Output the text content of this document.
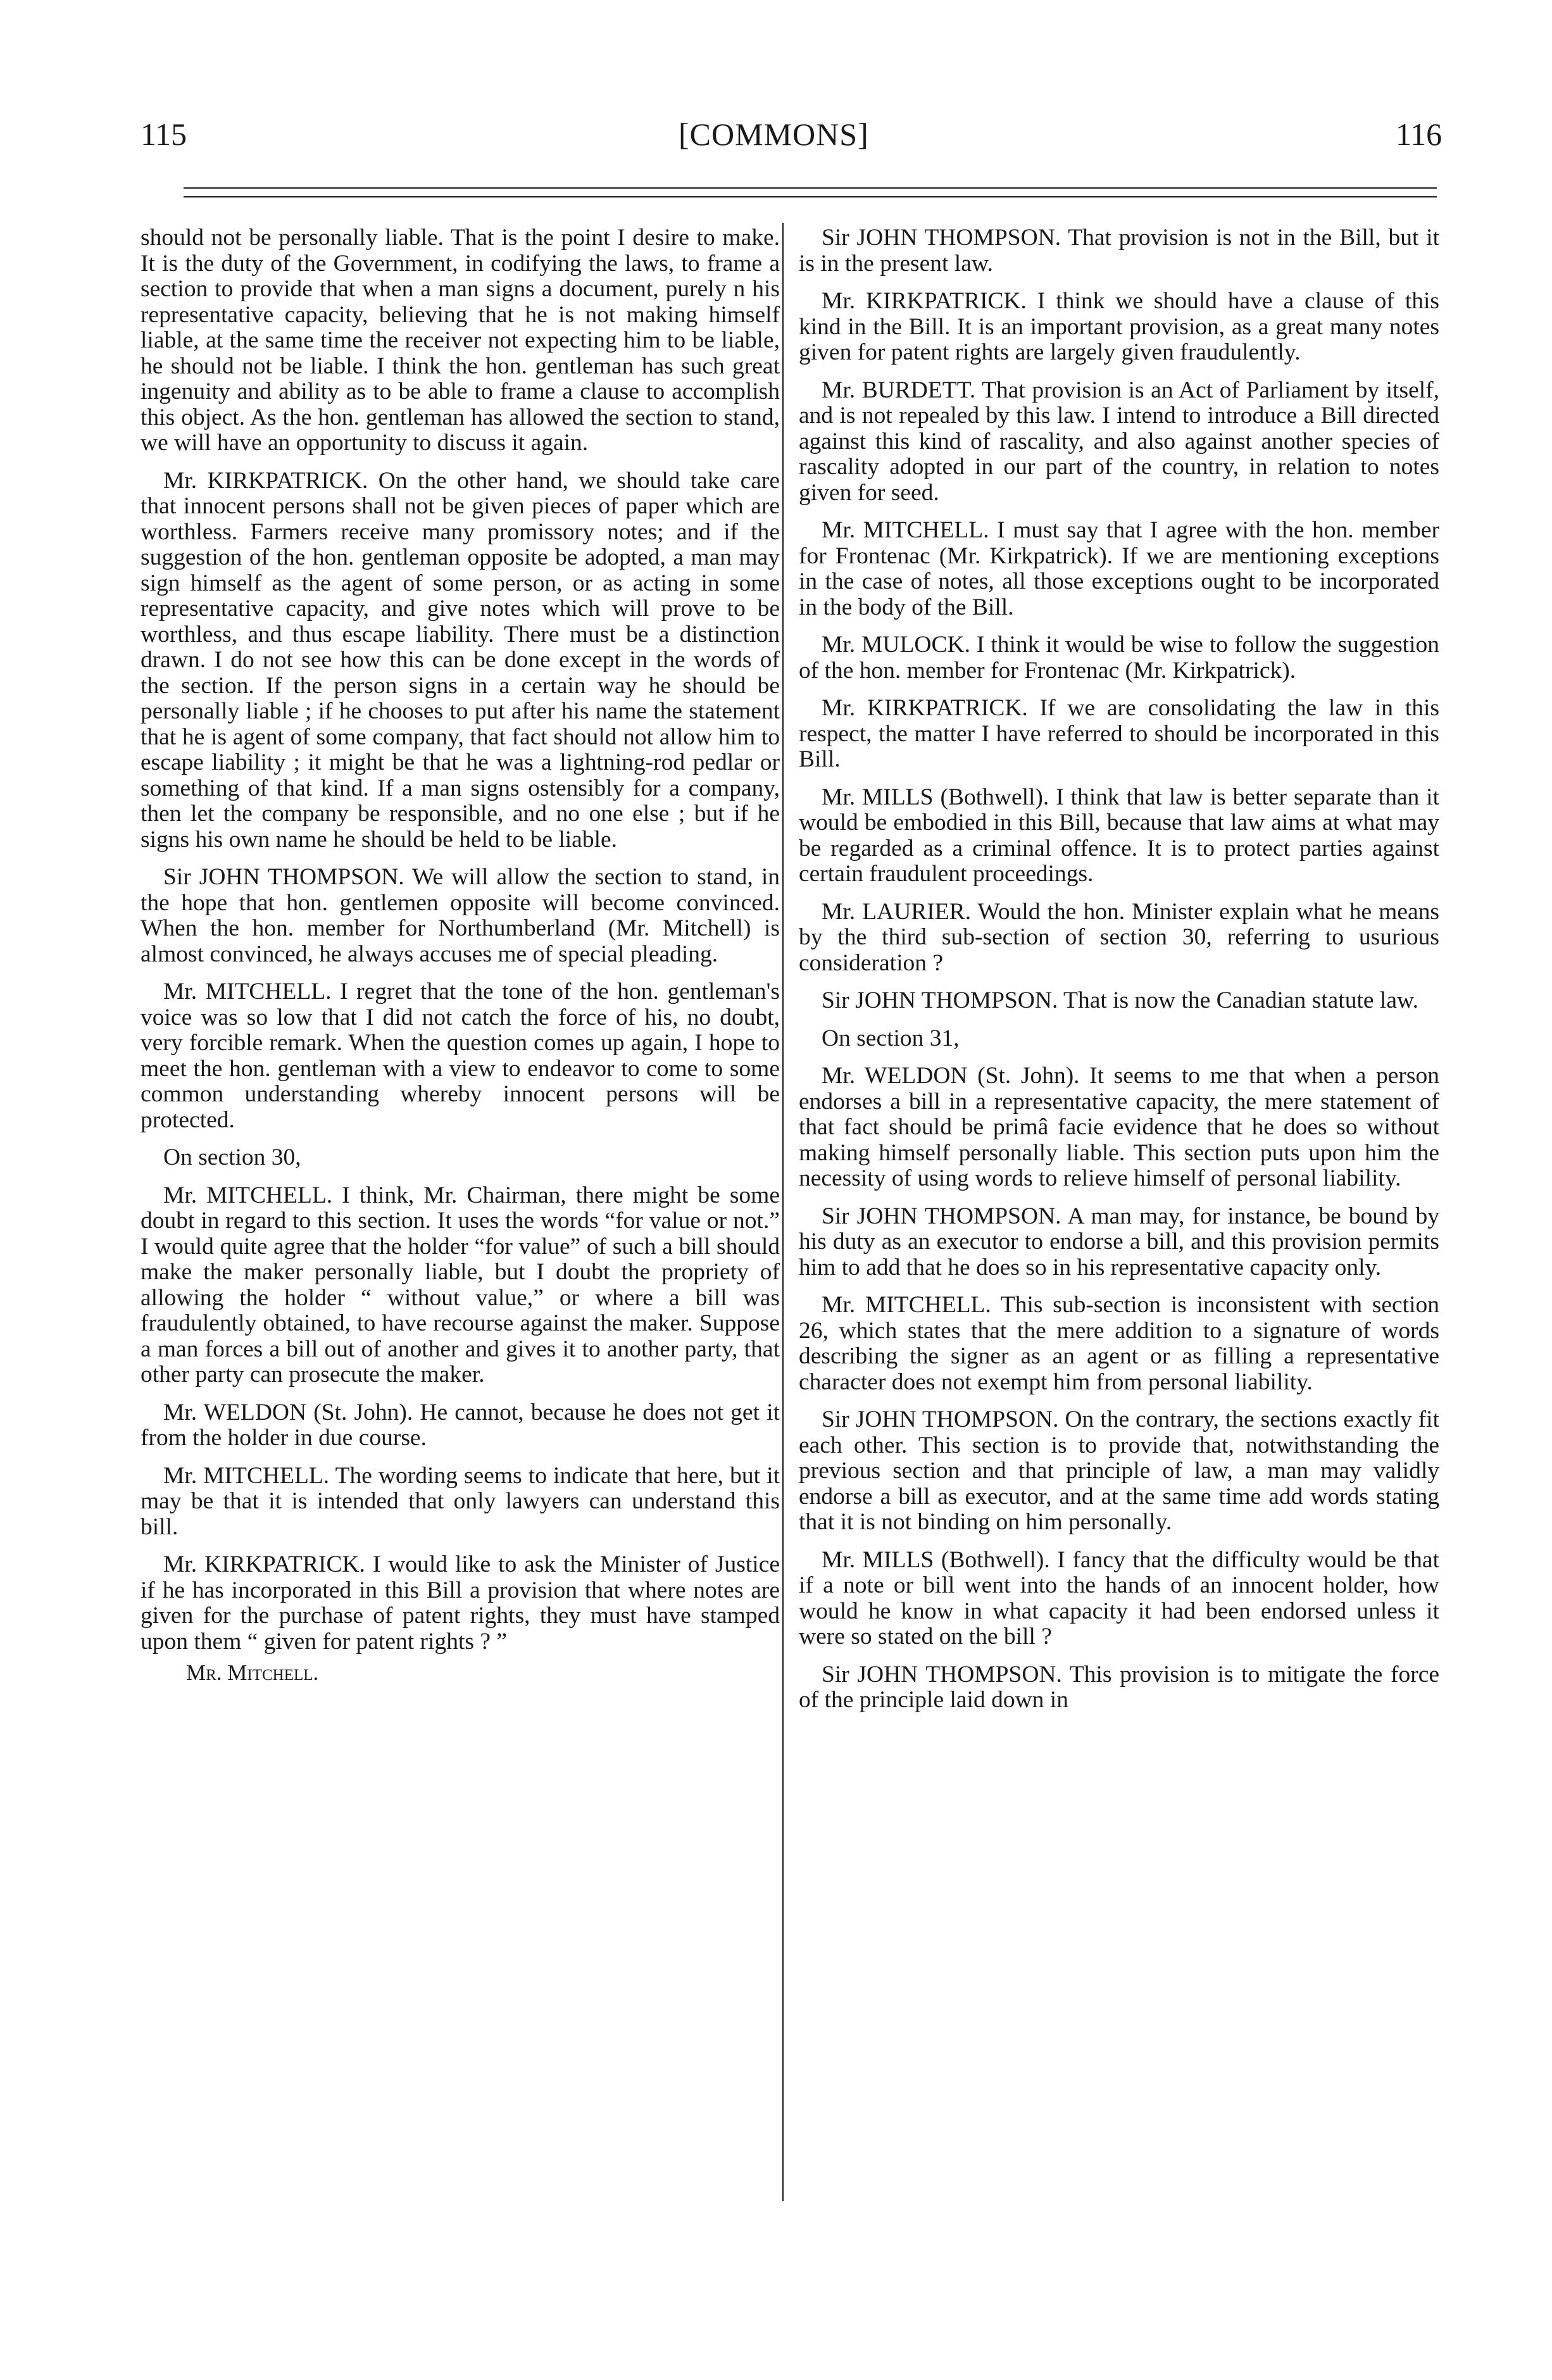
115	[COMMONS]	116

should not be personally liable. That is the point I desire to make. It is the duty of the Government, in codifying the laws, to frame a section to provide that when a man signs a document, purely n his representative capacity, believing that he is not making himself liable, at the same time the receiver not expecting him to be liable, he should not be liable. I think the hon. gentleman has such great ingenuity and ability as to be able to frame a clause to accomplish this object. As the hon. gentleman has allowed the section to stand, we will have an opportunity to discuss it again.

Mr. KIRKPATRICK. On the other hand, we should take care that innocent persons shall not be given pieces of paper which are worthless. Farmers receive many promissory notes; and if the suggestion of the hon. gentleman opposite be adopted, a man may sign himself as the agent of some person, or as acting in some representative capacity, and give notes which will prove to be worthless, and thus escape liability. There must be a distinction drawn. I do not see how this can be done except in the words of the section. If the person signs in a certain way he should be personally liable ; if he chooses to put after his name the statement that he is agent of some company, that fact should not allow him to escape liability ; it might be that he was a lightning-rod pedlar or something of that kind. If a man signs ostensibly for a company, then let the company be responsible, and no one else ; but if he signs his own name he should be held to be liable.

Sir JOHN THOMPSON. We will allow the section to stand, in the hope that hon. gentlemen opposite will become convinced. When the hon. member for Northumberland (Mr. Mitchell) is almost convinced, he always accuses me of special pleading.

Mr. MITCHELL. I regret that the tone of the hon. gentleman's voice was so low that I did not catch the force of his, no doubt, very forcible remark. When the question comes up again, I hope to meet the hon. gentleman with a view to endeavor to come to some common understanding whereby innocent persons will be protected.

On section 30,

Mr. MITCHELL. I think, Mr. Chairman, there might be some doubt in regard to this section. It uses the words “for value or not.” I would quite agree that the holder “for value” of such a bill should make the maker personally liable, but I doubt the propriety of allowing the holder “ without value,” or where a bill was fraudulently obtained, to have recourse against the maker. Suppose a man forces a bill out of another and gives it to another party, that other party can prosecute the maker.

Mr. WELDON (St. John). He cannot, because he does not get it from the holder in due course.

Mr. MITCHELL. The wording seems to indicate that here, but it may be that it is intended that only lawyers can understand this bill.

Mr. KIRKPATRICK. I would like to ask the Minister of Justice if he has incorporated in this Bill a provision that where notes are given for the purchase of patent rights, they must have stamped upon them “ given for patent rights ? ”

Mr. Mitchell.

Sir JOHN THOMPSON. That provision is not in the Bill, but it is in the present law.

Mr. KIRKPATRICK. I think we should have a clause of this kind in the Bill. It is an important provision, as a great many notes given for patent rights are largely given fraudulently.

Mr. BURDETT. That provision is an Act of Parliament by itself, and is not repealed by this law. I intend to introduce a Bill directed against this kind of rascality, and also against another species of rascality adopted in our part of the country, in relation to notes given for seed.

Mr. MITCHELL. I must say that I agree with the hon. member for Frontenac (Mr. Kirkpatrick). If we are mentioning exceptions in the case of notes, all those exceptions ought to be incorporated in the body of the Bill.

Mr. MULOCK. I think it would be wise to follow the suggestion of the hon. member for Frontenac (Mr. Kirkpatrick).

Mr. KIRKPATRICK. If we are consolidating the law in this respect, the matter I have referred to should be incorporated in this Bill.

Mr. MILLS (Bothwell). I think that law is better separate than it would be embodied in this Bill, because that law aims at what may be regarded as a criminal offence. It is to protect parties against certain fraudulent proceedings.

Mr. LAURIER. Would the hon. Minister explain what he means by the third sub-section of section 30, referring to usurious consideration ?

Sir JOHN THOMPSON. That is now the Canadian statute law.

On section 31,

Mr. WELDON (St. John). It seems to me that when a person endorses a bill in a representative capacity, the mere statement of that fact should be primâ facie evidence that he does so without making himself personally liable. This section puts upon him the necessity of using words to relieve himself of personal liability.

Sir JOHN THOMPSON. A man may, for instance, be bound by his duty as an executor to endorse a bill, and this provision permits him to add that he does so in his representative capacity only.

Mr. MITCHELL. This sub-section is inconsistent with section 26, which states that the mere addition to a signature of words describing the signer as an agent or as filling a representative character does not exempt him from personal liability.

Sir JOHN THOMPSON. On the contrary, the sections exactly fit each other. This section is to provide that, notwithstanding the previous section and that principle of law, a man may validly endorse a bill as executor, and at the same time add words stating that it is not binding on him personally.

Mr. MILLS (Bothwell). I fancy that the difficulty would be that if a note or bill went into the hands of an innocent holder, how would he know in what capacity it had been endorsed unless it were so stated on the bill ?

Sir JOHN THOMPSON. This provision is to mitigate the force of the principle laid down in
